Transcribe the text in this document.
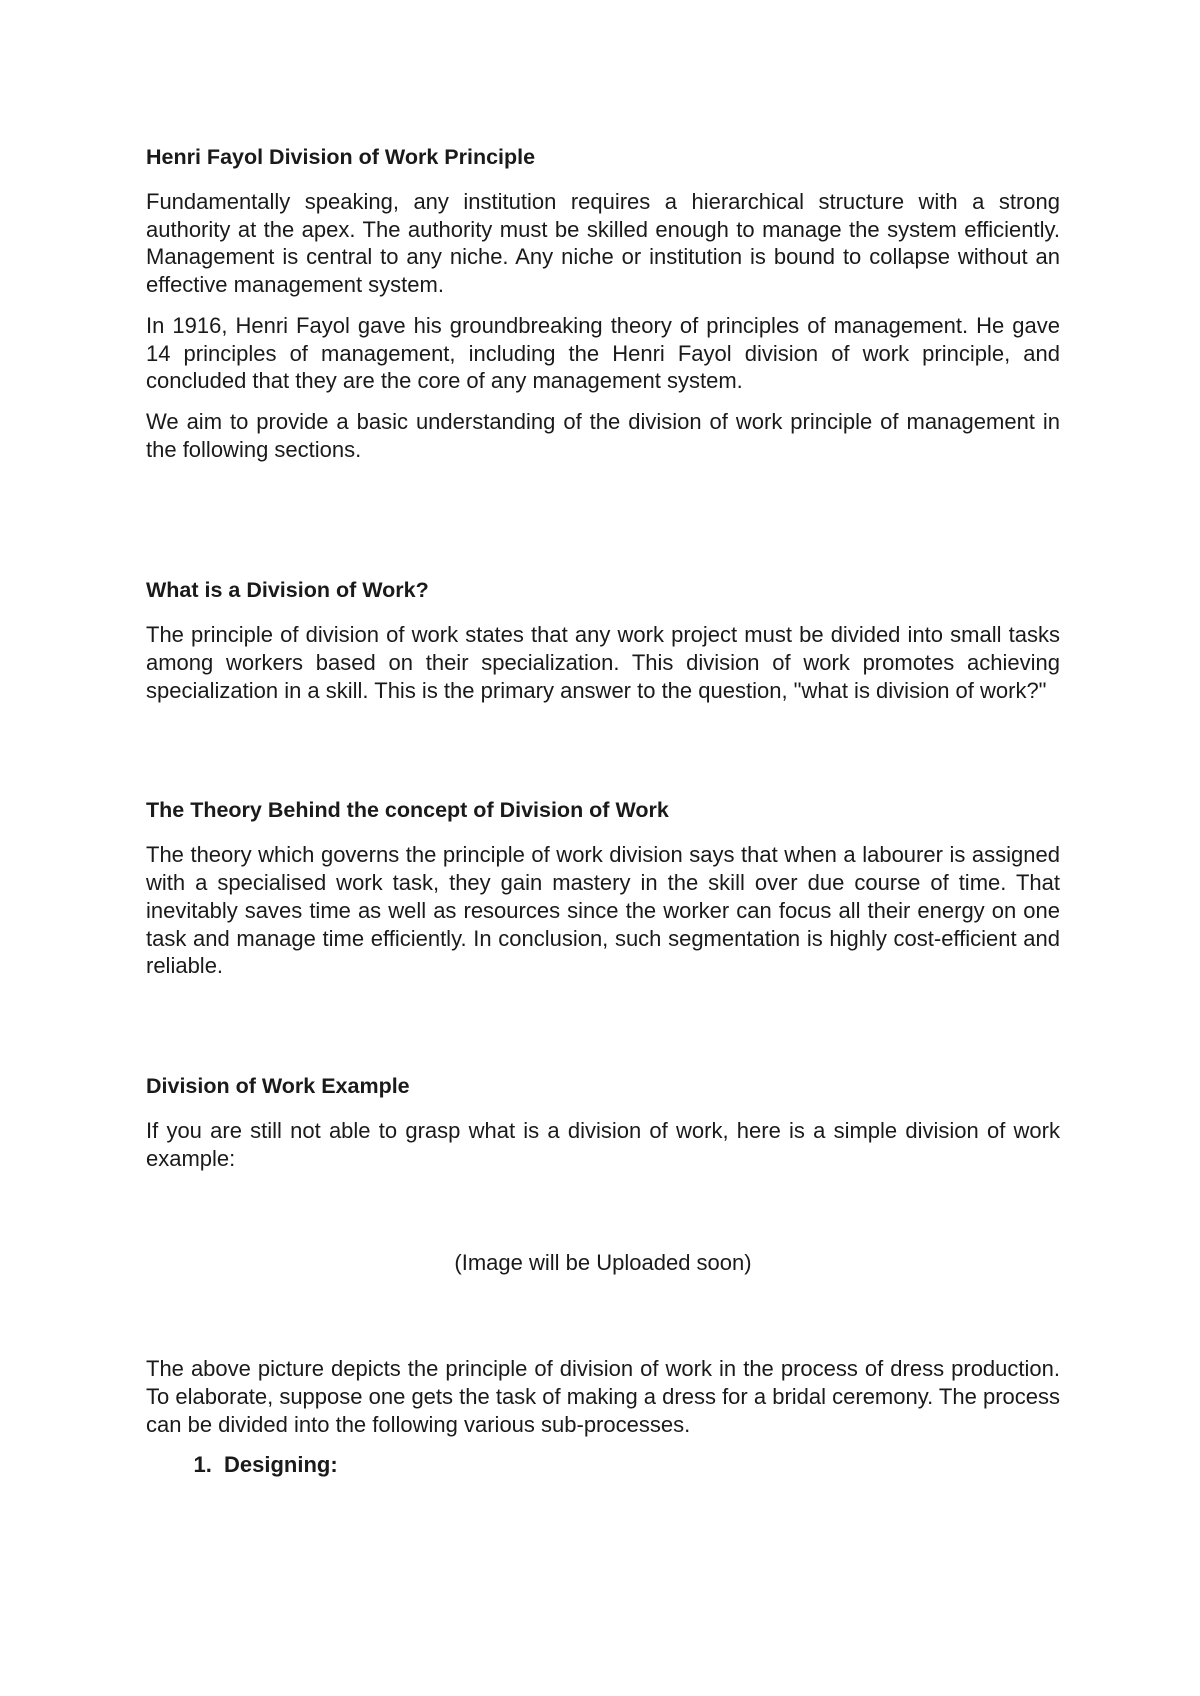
Henri Fayol Division of Work Principle

Fundamentally speaking, any institution requires a hierarchical structure with a strong authority at the apex. The authority must be skilled enough to manage the system efficiently. Management is central to any niche. Any niche or institution is bound to collapse without an effective management system.

In 1916, Henri Fayol gave his groundbreaking theory of principles of management. He gave 14 principles of management, including the Henri Fayol division of work principle, and concluded that they are the core of any management system.

We aim to provide a basic understanding of the division of work principle of management in the following sections.

What is a Division of Work?

The principle of division of work states that any work project must be divided into small tasks among workers based on their specialization. This division of work promotes achieving specialization in a skill. This is the primary answer to the question, "what is division of work?"

The Theory Behind the concept of Division of Work

The theory which governs the principle of work division says that when a labourer is assigned with a specialised work task, they gain mastery in the skill over due course of time. That inevitably saves time as well as resources since the worker can focus all their energy on one task and manage time efficiently. In conclusion, such segmentation is highly cost-efficient and reliable.

Division of Work Example

If you are still not able to grasp what is a division of work, here is a simple division of work example:

(Image will be Uploaded soon)

The above picture depicts the principle of division of work in the process of dress production. To elaborate, suppose one gets the task of making a dress for a bridal ceremony. The process can be divided into the following various sub-processes.

1. Designing:
